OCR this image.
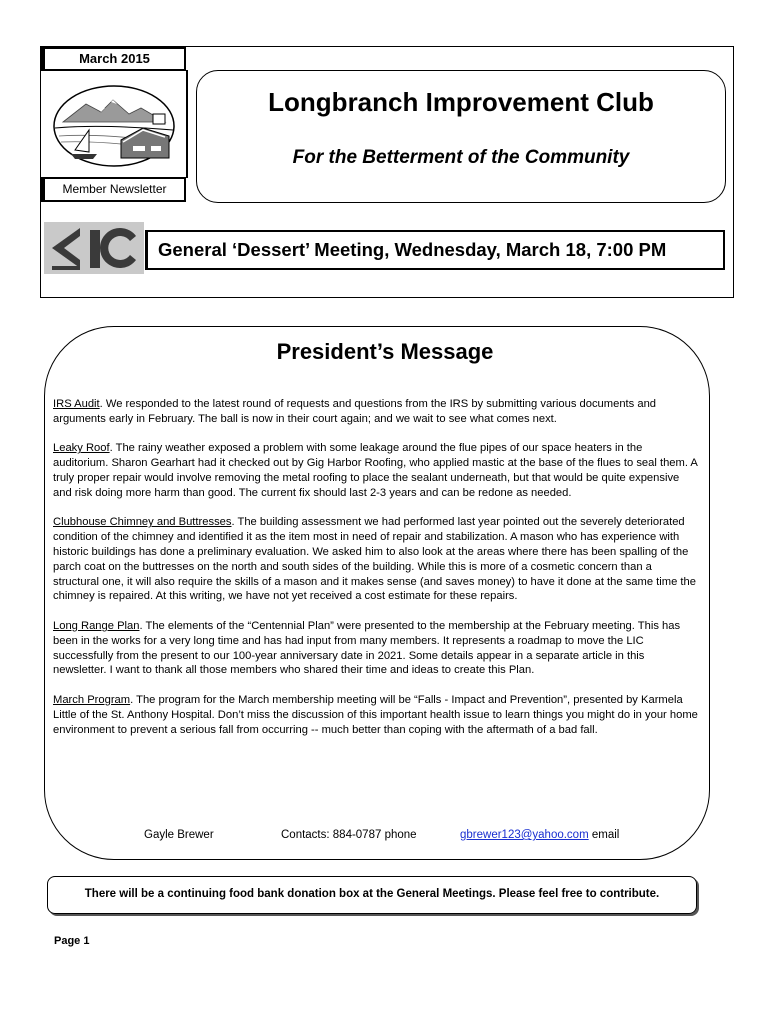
March 2015
Member Newsletter
Longbranch Improvement Club
For the Betterment of the Community
General ‘Dessert’ Meeting, Wednesday, March 18, 7:00 PM
President’s Message

IRS Audit. We responded to the latest round of requests and questions from the IRS by submitting various documents and arguments early in February. The ball is now in their court again; and we wait to see what comes next.

Leaky Roof. The rainy weather exposed a problem with some leakage around the flue pipes of our space heaters in the auditorium. Sharon Gearhart had it checked out by Gig Harbor Roofing, who applied mastic at the base of the flues to seal them. A truly proper repair would involve removing the metal roofing to place the sealant underneath, but that would be quite expensive and risk doing more harm than good. The current fix should last 2-3 years and can be redone as needed.

Clubhouse Chimney and Buttresses. The building assessment we had performed last year pointed out the severely deteriorated condition of the chimney and identified it as the item most in need of repair and stabilization. A mason who has experience with historic buildings has done a preliminary evaluation. We asked him to also look at the areas where there has been spalling of the parch coat on the buttresses on the north and south sides of the building. While this is more of a cosmetic concern than a structural one, it will also require the skills of a mason and it makes sense (and saves money) to have it done at the same time the chimney is repaired. At this writing, we have not yet received a cost estimate for these repairs.

Long Range Plan. The elements of the “Centennial Plan” were presented to the membership at the February meeting. This has been in the works for a very long time and has had input from many members. It represents a roadmap to move the LIC successfully from the present to our 100-year anniversary date in 2021. Some details appear in a separate article in this newsletter. I want to thank all those members who shared their time and ideas to create this Plan.

March Program. The program for the March membership meeting will be “Falls - Impact and Prevention”, presented by Karmela Little of the St. Anthony Hospital. Don’t miss the discussion of this important health issue to learn things you might do in your home environment to prevent a serious fall from occurring -- much better than coping with the aftermath of a bad fall.

Gayle Brewer	Contacts: 884-0787 phone	gbrewer123@yahoo.com email
There will be a continuing food bank donation box at the General Meetings. Please feel free to contribute.
Page 1
